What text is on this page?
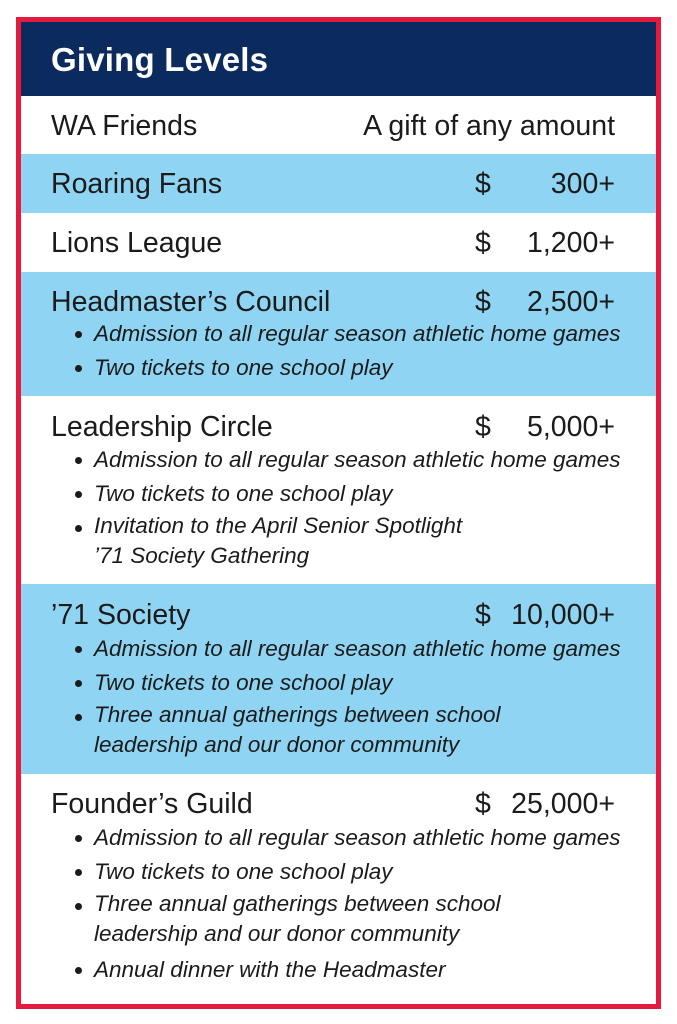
Giving Levels
WA Friends	A gift of any amount
Roaring Fans	$ 300+
Lions League	$ 1,200+
Headmaster’s Council	$ 2,500+
Admission to all regular season athletic home games
Two tickets to one school play
Leadership Circle	$ 5,000+
Admission to all regular season athletic home games
Two tickets to one school play
Invitation to the April Senior Spotlight ’71 Society Gathering
’71 Society	$ 10,000+
Admission to all regular season athletic home games
Two tickets to one school play
Three annual gatherings between school leadership and our donor community
Founder’s Guild	$ 25,000+
Admission to all regular season athletic home games
Two tickets to one school play
Three annual gatherings between school leadership and our donor community
Annual dinner with the Headmaster
